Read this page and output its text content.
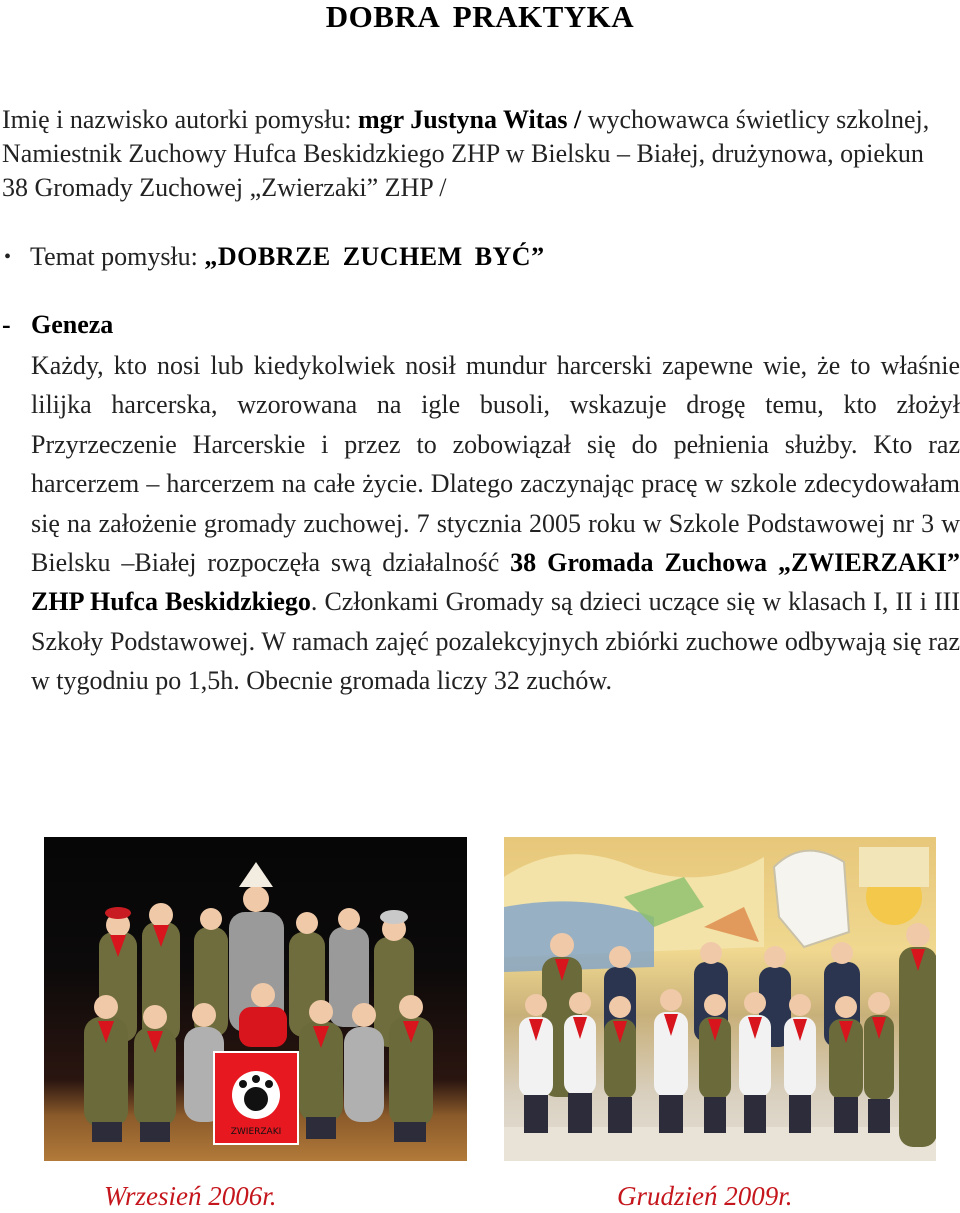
DOBRA PRAKTYKA
Imię i nazwisko autorki pomysłu: mgr Justyna Witas / wychowawca świetlicy szkolnej, Namiestnik Zuchowy Hufca Beskidzkiego ZHP w Bielsku – Białej, drużynowa, opiekun 38 Gromady Zuchowej „Zwierzaki” ZHP /
• Temat pomysłu: „DOBRZE ZUCHEM BYĆ”
- Geneza
Każdy, kto nosi lub kiedykolwiek nosił mundur harcerski zapewne wie, że to właśnie lilijka harcerska, wzorowana na igle busoli, wskazuje drogę temu, kto złożył Przyrzeczenie Harcerskie i przez to zobowiązał się do pełnienia służby. Kto raz harcerzem – harcerzem na całe życie. Dlatego zaczynając pracę w szkole zdecydowałam się na założenie gromady zuchowej. 7 stycznia 2005 roku w Szkole Podstawowej nr 3 w Bielsku –Białej rozpoczęła swą działalność 38 Gromada Zuchowa „ZWIERZAKI” ZHP Hufca Beskidzkiego. Członkami Gromady są dzieci uczące się w klasach I, II i III Szkoły Podstawowej. W ramach zajęć pozalekcyjnych zbiórki zuchowe odbywają się raz w tygodniu po 1,5h. Obecnie gromada liczy 32 zuchów.
ZWIERZAKI
Wrzesień 2006r.	Grudzień 2009r.
